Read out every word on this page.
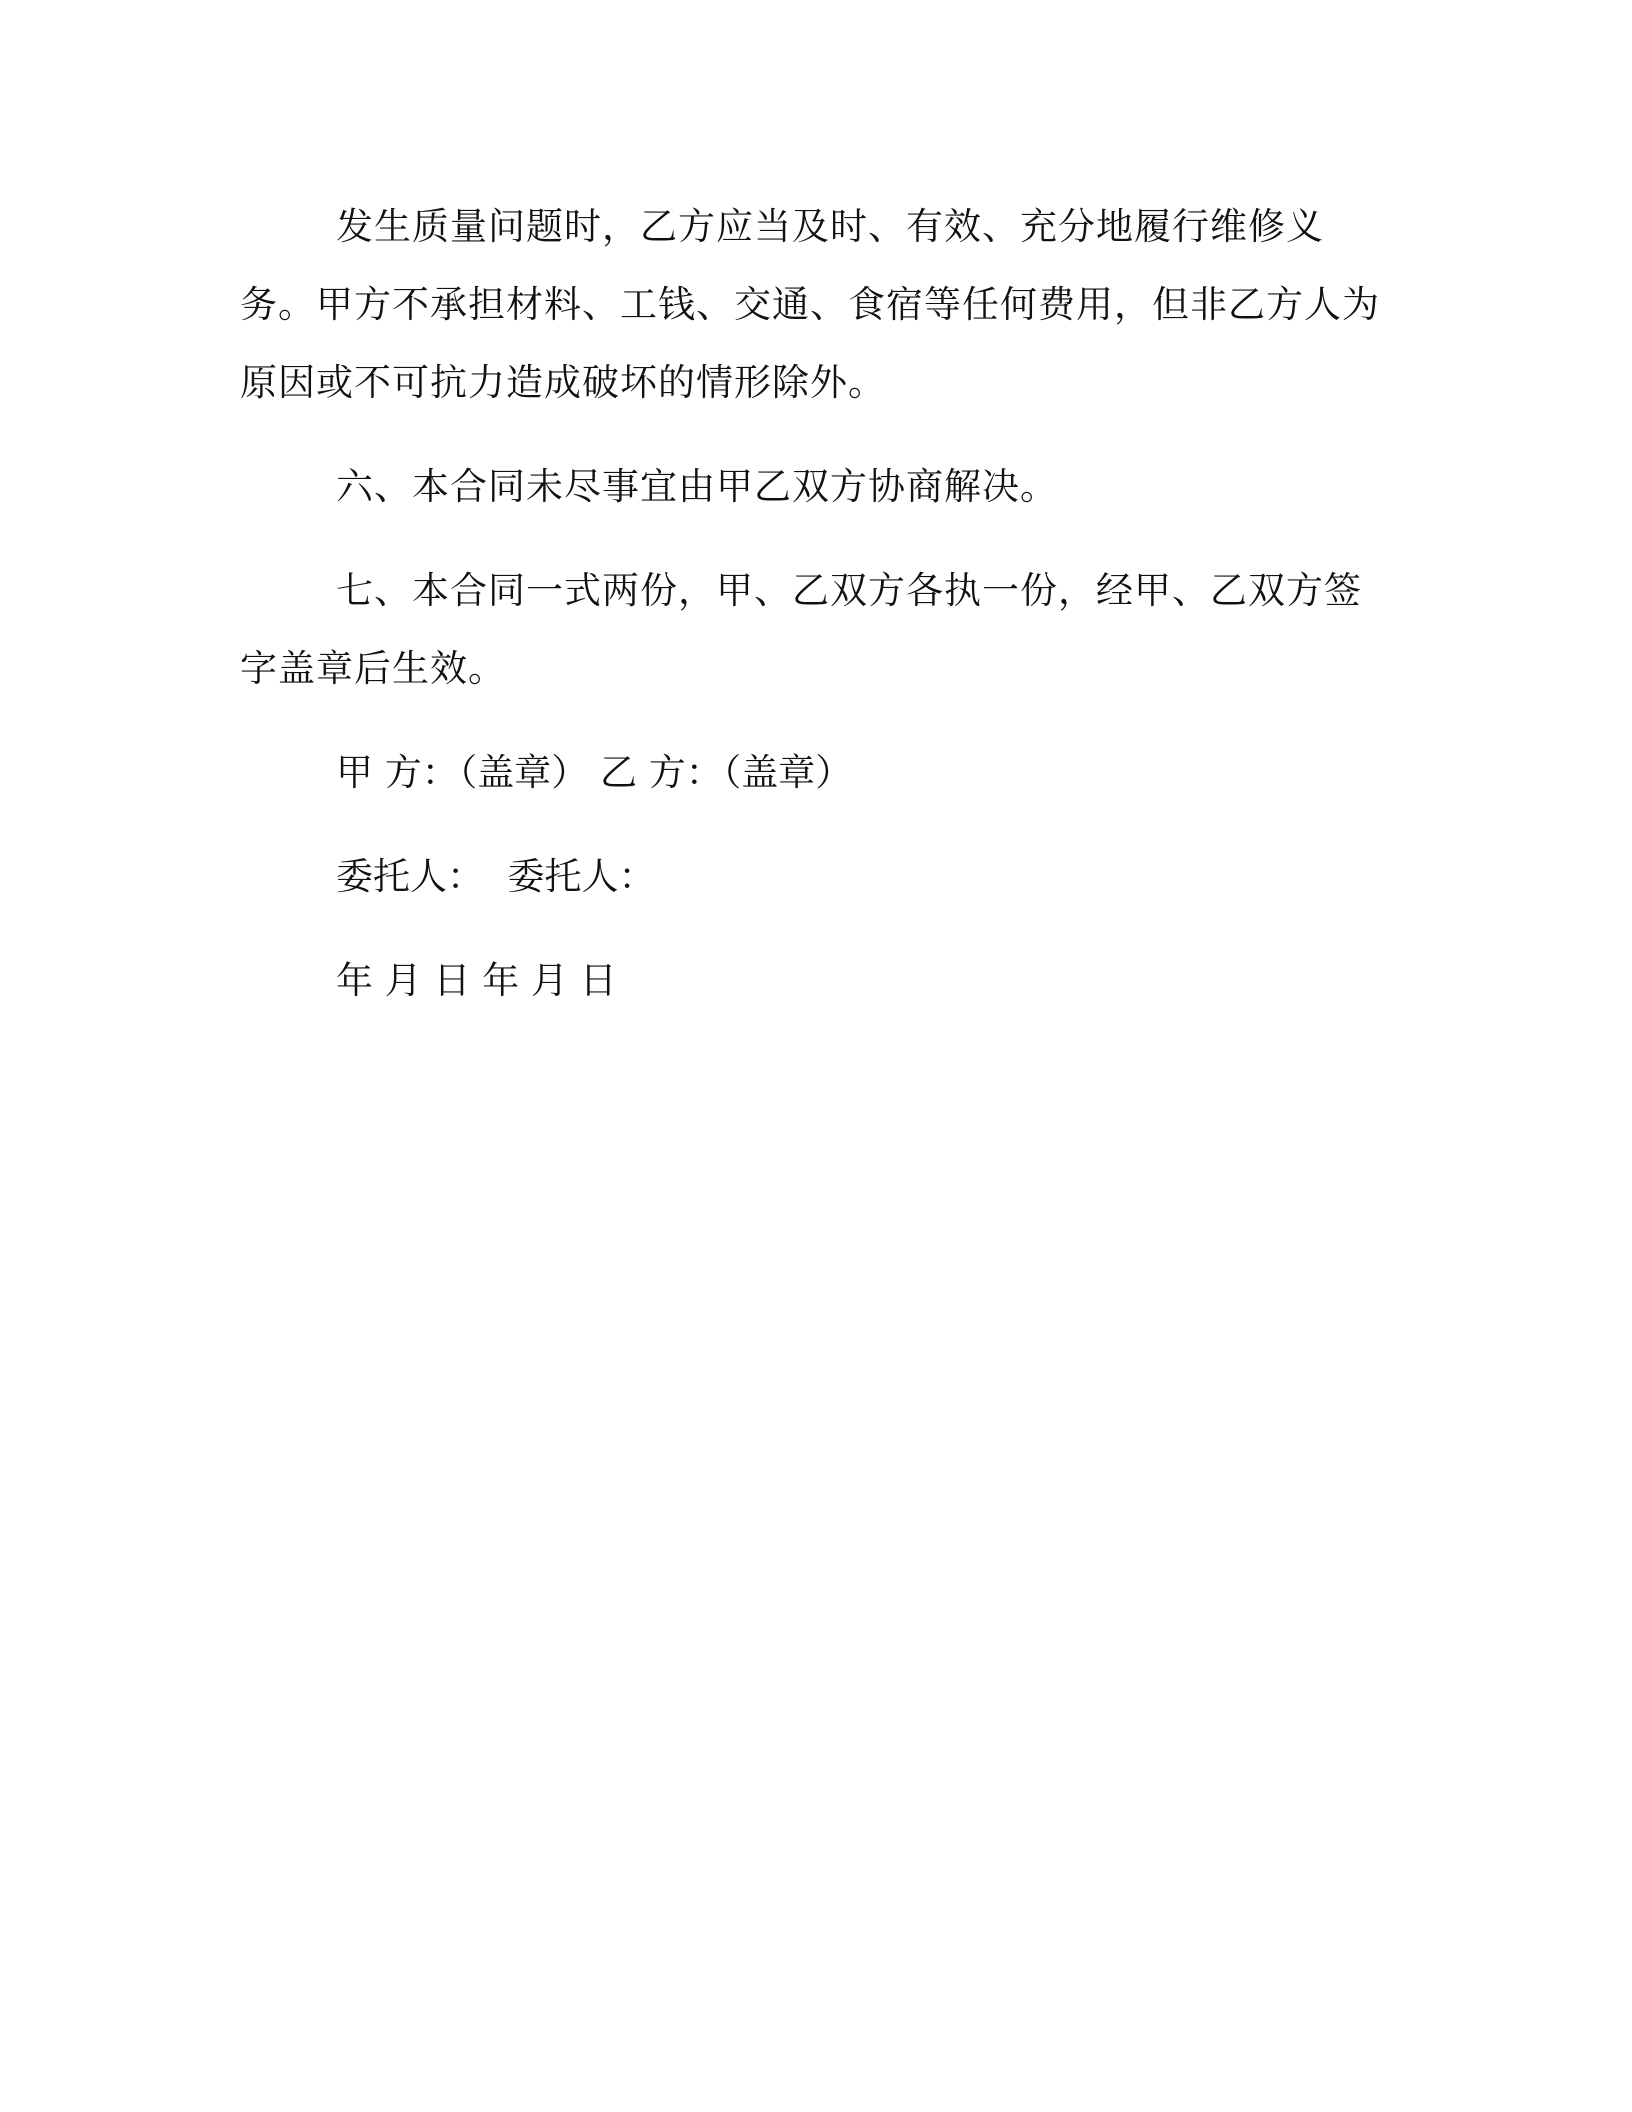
发生质量问题时，乙方应当及时、有效、充分地履行维修义务。甲方不承担材料、工钱、交通、食宿等任何费用，但非乙方人为原因或不可抗力造成破坏的情形除外。

六、本合同未尽事宜由甲乙双方协商解决。

七、本合同一式两份，甲、乙双方各执一份，经甲、乙双方签字盖章后生效。

甲 方：（盖章） 乙 方：（盖章）

委托人：  委托人：

年 月 日 年 月 日
